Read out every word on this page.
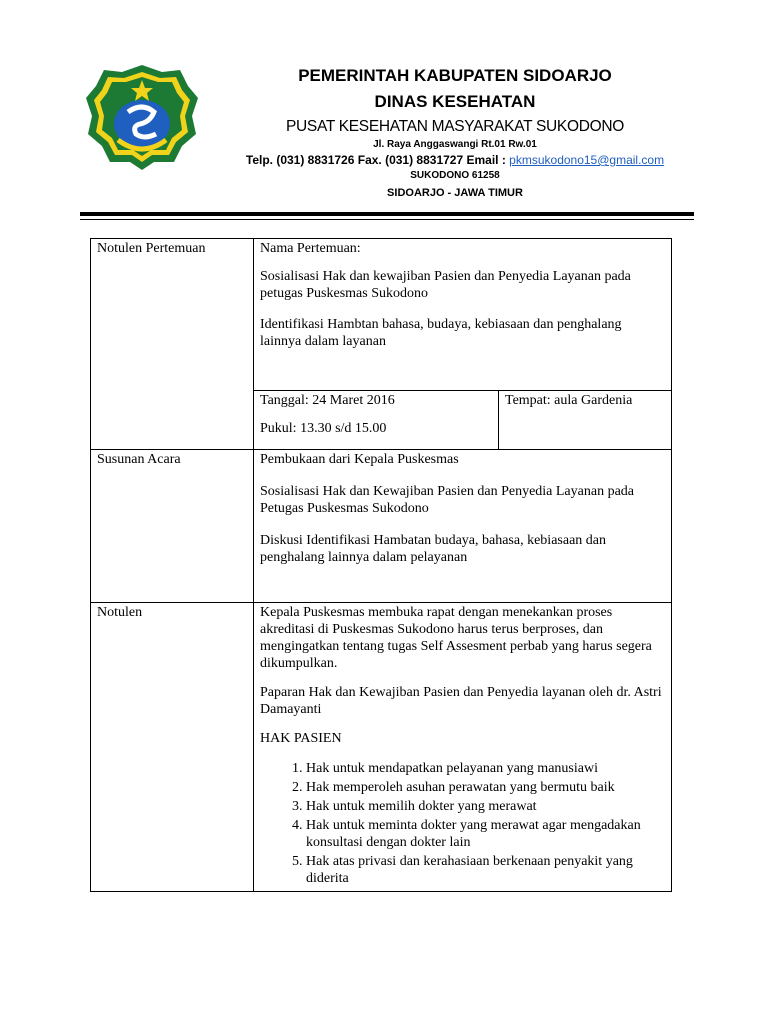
PEMERINTAH KABUPATEN SIDOARJO
DINAS KESEHATAN
PUSAT KESEHATAN MASYARAKAT SUKODONO
Jl. Raya Anggaswangi Rt.01 Rw.01
Telp. (031) 8831726 Fax. (031) 8831727 Email : pkmsukodono15@gmail.com
SUKODONO 61258
SIDOARJO - JAWA TIMUR
Notulen Pertemuan	Nama Pertemuan:

Sosialisasi Hak dan kewajiban Pasien dan Penyedia Layanan pada petugas Puskesmas Sukodono

Identifikasi Hambtan bahasa, budaya, kebiasaan dan penghalang lainnya dalam layanan

Tanggal: 24 Maret 2016

Pukul: 13.30 s/d 15.00

	Tempat: aula Gardenia

Susunan Acara	Pembukaan dari Kepala Puskesmas

Sosialisasi Hak dan Kewajiban Pasien dan Penyedia Layanan pada Petugas Puskesmas Sukodono

Diskusi Identifikasi Hambatan budaya, bahasa, kebiasaan dan penghalang lainnya dalam pelayanan

Notulen	Kepala Puskesmas membuka rapat dengan menekankan proses akreditasi di Puskesmas Sukodono harus terus berproses, dan mengingatkan tentang tugas Self Assesment perbab yang harus segera dikumpulkan.

Paparan Hak dan Kewajiban Pasien dan Penyedia layanan oleh dr. Astri Damayanti

HAK PASIEN

1. Hak untuk mendapatkan pelayanan yang manusiawi
2. Hak memperoleh asuhan perawatan yang bermutu baik
3. Hak untuk memilih dokter yang merawat
4. Hak untuk meminta dokter yang merawat agar mengadakan konsultasi dengan dokter lain
5. Hak atas privasi dan kerahasiaan berkenaan penyakit yang diderita
